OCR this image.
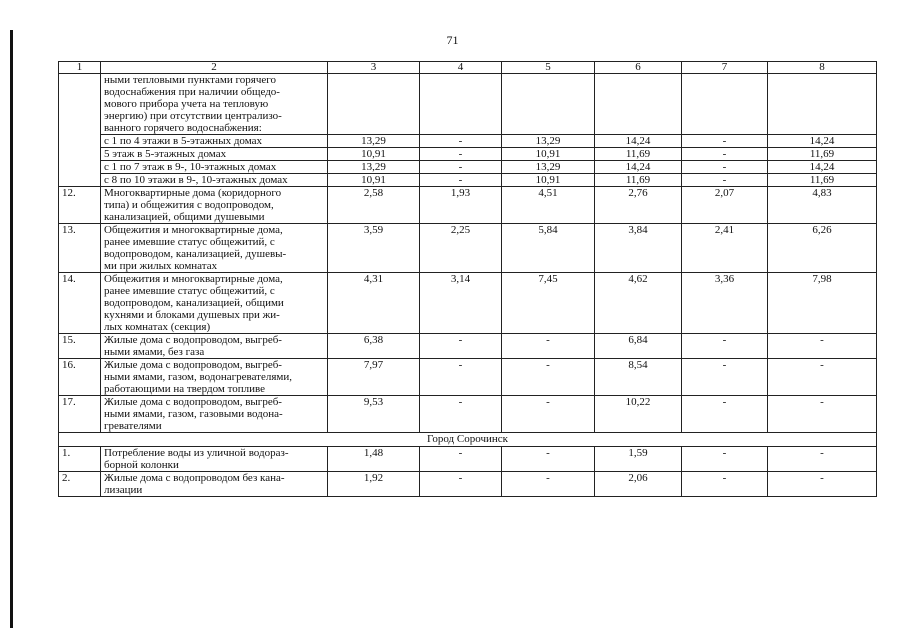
71
1	2	3	4	5	6	7	8

	ными тепловыми пунктами горячего
водоснабжения при наличии общедо-
мового прибора учета на тепловую
энергию) при отсутствии централизо-
ванного горячего водоснабжения:						

	с 1 по 4 этажи в 5-этажных домах	13,29	-	13,29	14,24	-	14,24
	5 этаж в 5-этажных домах	10,91	-	10,91	11,69	-	11,69
	с 1 по 7 этаж в 9-, 10-этажных домах	13,29	-	13,29	14,24	-	14,24
	с 8 по 10 этажи в 9-, 10-этажных домах	10,91	-	10,91	11,69	-	11,69
12.	Многоквартирные дома (коридорного
типа) и общежития с водопроводом,
канализацией, общими душевыми	2,58	1,93	4,51	2,76	2,07	4,83
13.	Общежития и многоквартирные дома,
ранее имевшие статус общежитий, с
водопроводом, канализацией, душевы-
ми при жилых комнатах	3,59	2,25	5,84	3,84	2,41	6,26
14.	Общежития и многоквартирные дома,
ранее имевшие статус общежитий, с
водопроводом, канализацией, общими
кухнями и блоками душевых при жи-
лых комнатах (секция)	4,31	3,14	7,45	4,62	3,36	7,98
15.	Жилые дома с водопроводом, выгреб-
ными ямами, без газа	6,38	-	-	6,84	-	-
16.	Жилые дома с водопроводом, выгреб-
ными ямами, газом, водонагревателями,
работающими на твердом топливе	7,97	-	-	8,54	-	-
17.	Жилые дома с водопроводом, выгреб-
ными ямами, газом, газовыми водона-
гревателями	9,53	-	-	10,22	-	-
Город Сорочинск							
1.	Потребление воды из уличной водораз-
борной колонки	1,48	-	-	1,59	-	-
2.	Жилые дома с водопроводом без кана-
лизации	1,92	-	-	2,06	-	-
